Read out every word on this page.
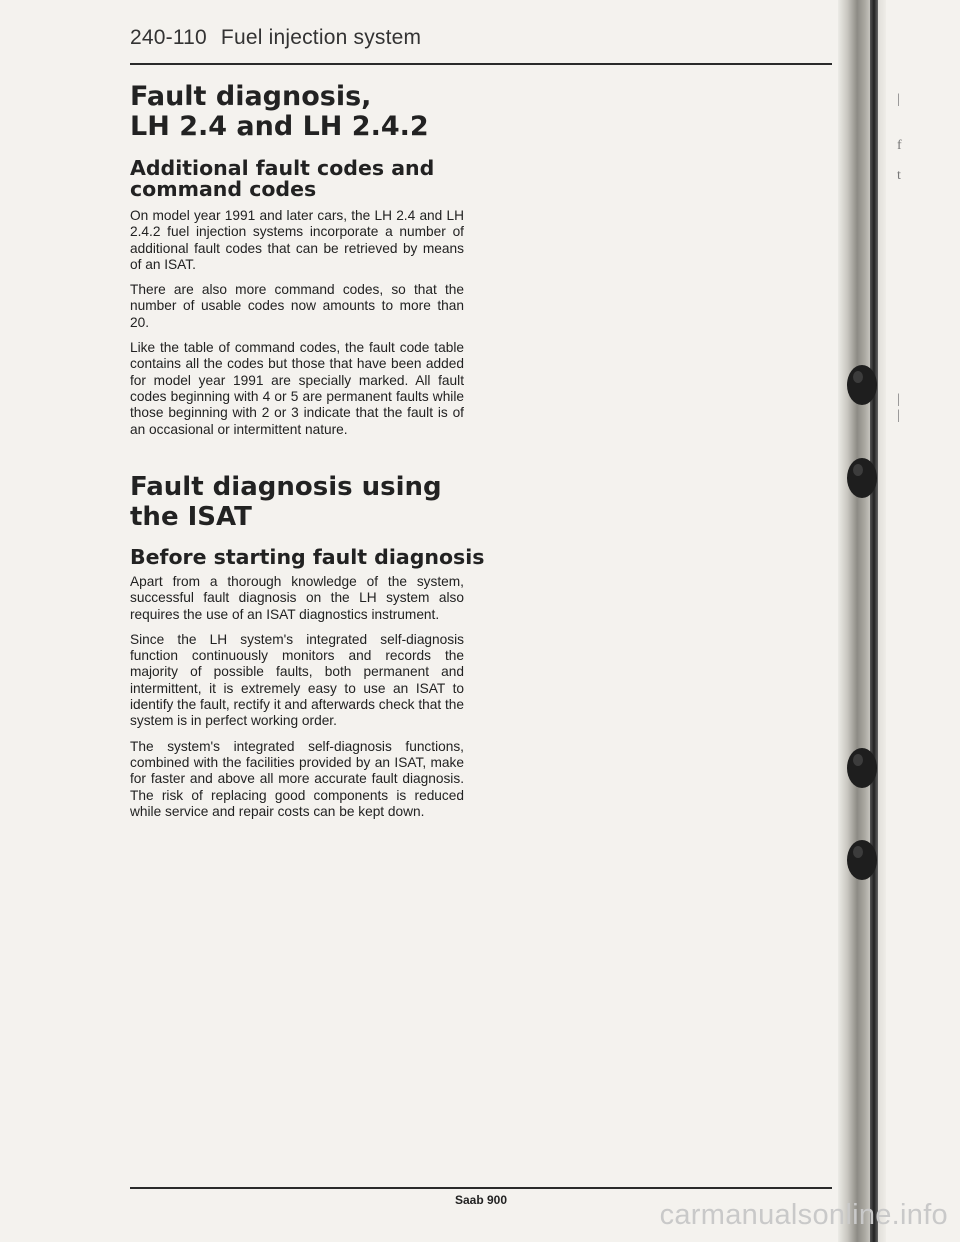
240-110 Fuel injection system
Fault diagnosis,
LH 2.4 and LH 2.4.2
Additional fault codes and command codes

On model year 1991 and later cars, the LH 2.4 and LH 2.4.2 fuel injection systems incorporate a number of additional fault codes that can be retrieved by means of an ISAT.

There are also more command codes, so that the number of usable codes now amounts to more than 20.

Like the table of command codes, the fault code table contains all the codes but those that have been added for model year 1991 are specially marked. All fault codes beginning with 4 or 5 are permanent faults while those beginning with 2 or 3 indicate that the fault is of an occasional or intermittent nature.

Fault diagnosis using the ISAT
Before starting fault diagnosis

Apart from a thorough knowledge of the system, successful fault diagnosis on the LH system also requires the use of an ISAT diagnostics instrument.

Since the LH system's integrated self-diagnosis function continuously monitors and records the majority of possible faults, both permanent and intermittent, it is extremely easy to use an ISAT to identify the fault, rectify it and afterwards check that the system is in perfect working order.

The system's integrated self-diagnosis functions, combined with the facilities provided by an ISAT, make for faster and above all more accurate fault diagnosis. The risk of replacing good components is reduced while service and repair costs can be kept down.

Saab 900
|
f
t
|
|
carmanualsonline.info
